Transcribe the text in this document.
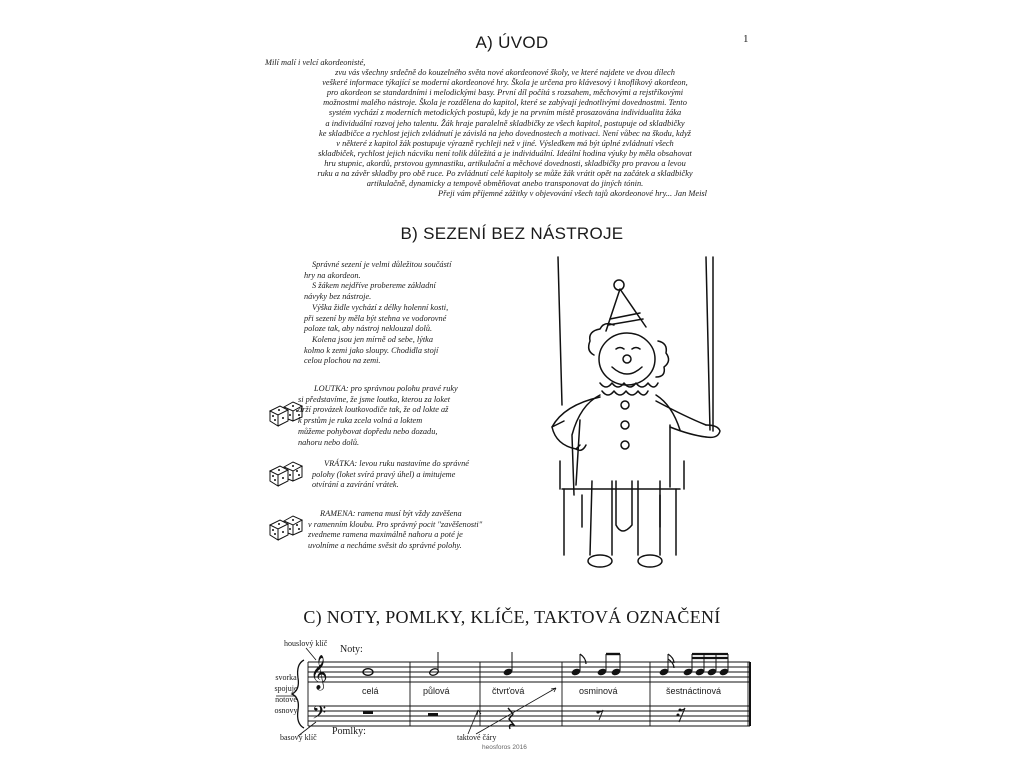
1
A) ÚVOD
Milí malí i velcí akordeonisté,
zvu vás všechny srdečně do kouzelného světa nové akordeonové školy, ve které najdete ve dvou dílech
veškeré informace týkající se moderní akordeonové hry. Škola je určena pro klávesový i knoflíkový akordeon,
pro akordeon se standardními i melodickými basy. První díl počítá s rozsahem, měchovými a rejstříkovými
možnostmi malého nástroje. Škola je rozdělena do kapitol, které se zabývají jednotlivými dovednostmi. Tento
systém vychází z moderních metodických postupů, kdy je na prvním místě prosazována individualita žáka
a individuální rozvoj jeho talentu. Žák hraje paralelně skladbičky ze všech kapitol, postupuje od skladbičky
ke skladbičce a rychlost jejich zvládnutí je závislá na jeho dovednostech a motivaci. Není vůbec na škodu, když
v některé z kapitol žák postupuje výrazně rychleji než v jiné. Výsledkem má být úplné zvládnutí všech
skladbiček, rychlost jejich nácviku není tolik důležitá a je individuální. Ideální hodina výuky by měla obsahovat
hru stupnic, akordů, prstovou gymnastiku, artikulační a měchové dovednosti, skladbičky pro pravou a levou
ruku a na závěr skladby pro obě ruce. Po zvládnutí celé kapitoly se může žák vrátit opět na začátek a skladbičky
artikulačně, dynamicky a tempově obměňovat anebo transponovat do jiných tónin.
Přeji vám příjemné zážitky v objevování všech tajů akordeonové hry... Jan Meisl
B) SEZENÍ BEZ NÁSTROJE
Správné sezení je velmi důležitou součástí
hry na akordeon.
S žákem nejdříve probereme základní
návyky bez nástroje.
Výška židle vychází z délky holenní kosti,
při sezení by měla být stehna ve vodorovné
poloze tak, aby nástroj neklouzal dolů.
Kolena jsou jen mírně od sebe, lýtka
kolmo k zemi jako sloupy. Chodidla stojí
celou plochou na zemi.
LOUTKA: pro správnou polohu pravé ruky
si představíme, že jsme loutka, kterou za loket
drží provázek loutkovodiče tak, že od lokte až
k prstům je ruka zcela volná a loktem
můžeme pohybovat dopředu nebo dozadu,
nahoru nebo dolů.
VRÁTKA: levou ruku nastavíme do správné
polohy (loket svírá pravý úhel) a imitujeme
otvírání a zavírání vrátek.
RAMENA: ramena musí být vždy zavěšena
v ramenním kloubu. Pro správný pocit "zavěšenosti"
zvedneme ramena maximálně nahoru a poté je
uvolníme a necháme svěsit do správné polohy.
C) NOTY, POMLKY, KLÍČE, TAKTOVÁ OZNAČENÍ
𝄞
𝄢
houslový klíč
Noty:
svorka
spojuje
notové
osnovy
basový klíč
Pomlky:
celá	půlová	čtvrťová	osminová	šestnáctinová
taktové čáry
heosforos 2016
